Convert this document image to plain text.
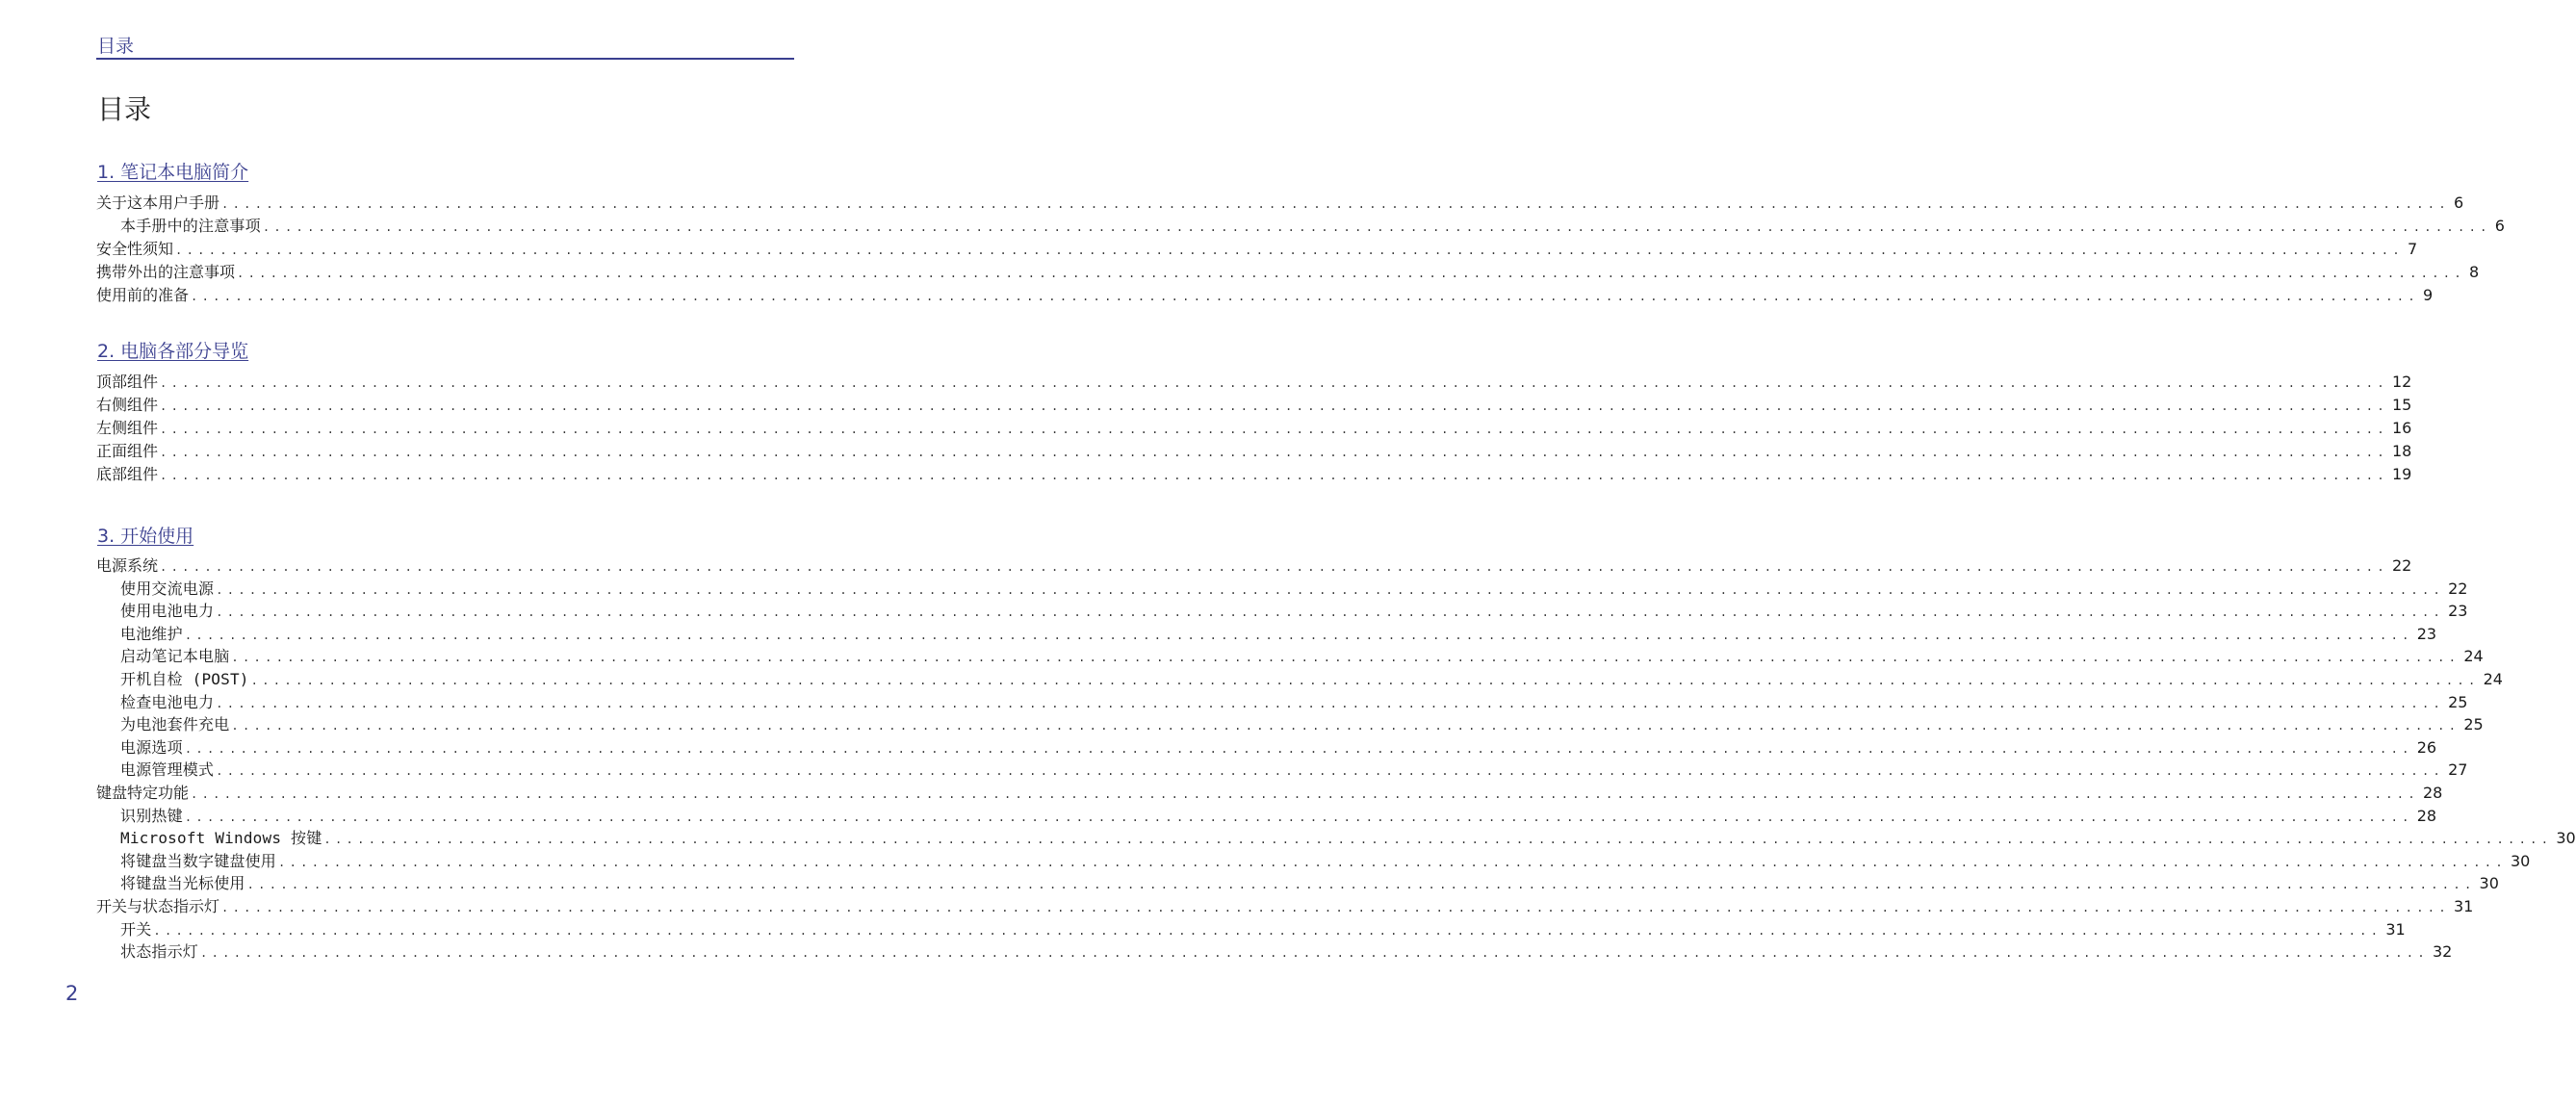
目录
目录
1. 笔记本电脑简介
关于这本用户手册 ........................................................................................................................................................................................................ 6
本手册中的注意事项 ........................................................................................................................................................................................................ 6
安全性须知 ........................................................................................................................................................................................................ 7
携带外出的注意事项 ........................................................................................................................................................................................................ 8
使用前的准备 ........................................................................................................................................................................................................ 9
2. 电脑各部分导览
顶部组件 ........................................................................................................................................................................................................ 12
右侧组件 ........................................................................................................................................................................................................ 15
左侧组件 ........................................................................................................................................................................................................ 16
正面组件 ........................................................................................................................................................................................................ 18
底部组件 ........................................................................................................................................................................................................ 19
3. 开始使用
电源系统 ........................................................................................................................................................................................................ 22
使用交流电源 ........................................................................................................................................................................................................ 22
使用电池电力 ........................................................................................................................................................................................................ 23
电池维护 ........................................................................................................................................................................................................ 23
启动笔记本电脑 ........................................................................................................................................................................................................ 24
开机自检 (POST) ........................................................................................................................................................................................................ 24
检查电池电力 ........................................................................................................................................................................................................ 25
为电池套件充电 ........................................................................................................................................................................................................ 25
电源选项 ........................................................................................................................................................................................................ 26
电源管理模式 ........................................................................................................................................................................................................ 27
键盘特定功能 ........................................................................................................................................................................................................ 28
识别热键 ........................................................................................................................................................................................................ 28
Microsoft Windows 按键 ........................................................................................................................................................................................................ 30
将键盘当数字键盘使用 ........................................................................................................................................................................................................ 30
将键盘当光标使用 ........................................................................................................................................................................................................ 30
开关与状态指示灯 ........................................................................................................................................................................................................ 31
开关 ........................................................................................................................................................................................................ 31
状态指示灯 ........................................................................................................................................................................................................ 32
2
